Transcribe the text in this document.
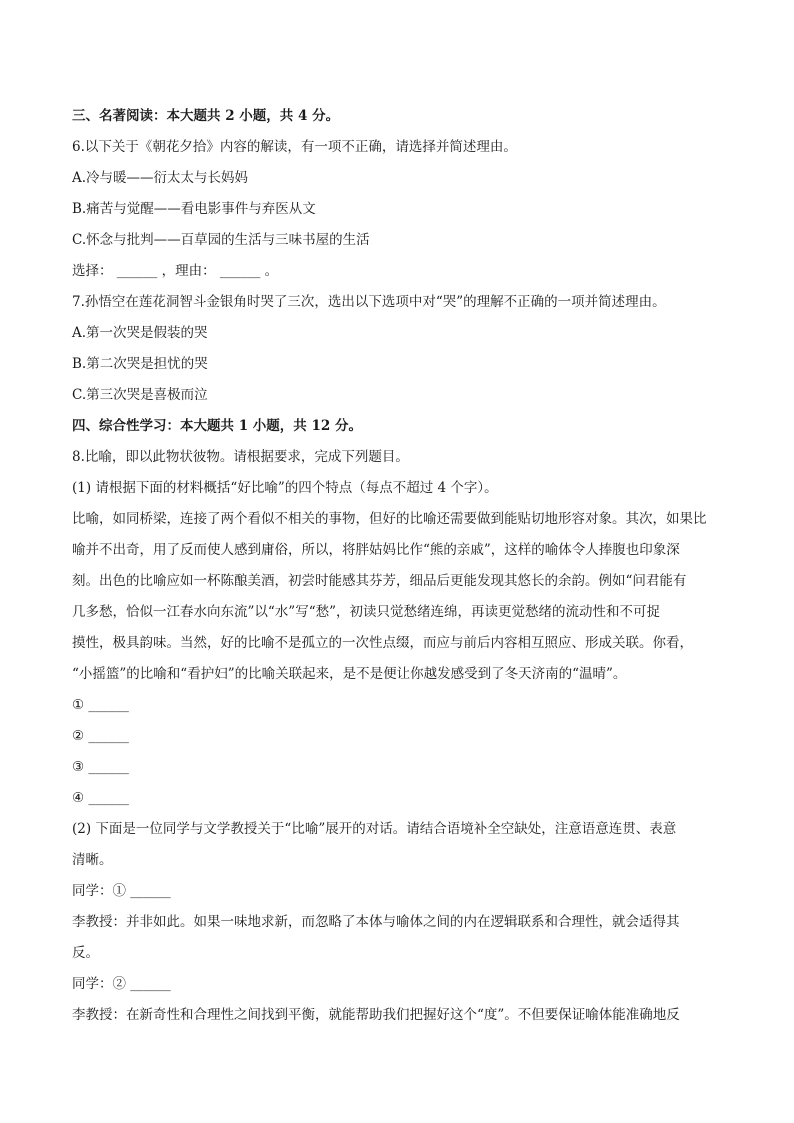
三、名著阅读：本大题共 2 小题，共 4 分。
6.以下关于《朝花夕拾》内容的解读，有一项不正确，请选择并简述理由。
A.冷与暖——衍太太与长妈妈
B.痛苦与觉醒——看电影事件与弃医从文
C.怀念与批判——百草园的生活与三味书屋的生活
选择： ______ ，理由： ______ 。
7.孙悟空在莲花洞智斗金银角时哭了三次，选出以下选项中对“哭”的理解不正确的一项并简述理由。
A.第一次哭是假装的哭
B.第二次哭是担忧的哭
C.第三次哭是喜极而泣
四、综合性学习：本大题共 1 小题，共 12 分。
8.比喻，即以此物状彼物。请根据要求，完成下列题目。
(1) 请根据下面的材料概括“好比喻”的四个特点（每点不超过 4 个字）。
比喻，如同桥梁，连接了两个看似不相关的事物，但好的比喻还需要做到能贴切地形容对象。其次，如果比
喻并不出奇，用了反而使人感到庸俗，所以，将胖姑妈比作“熊的亲戚”，这样的喻体令人捧腹也印象深
刻。出色的比喻应如一杯陈酿美酒，初尝时能感其芬芳，细品后更能发现其悠长的余韵。例如“问君能有
几多愁，恰似一江春水向东流”以“水”写“愁”，初读只觉愁绪连绵，再读更觉愁绪的流动性和不可捉
摸性，极具韵味。当然，好的比喻不是孤立的一次性点缀，而应与前后内容相互照应、形成关联。你看，
“小摇篮”的比喻和“看护妇”的比喻关联起来，是不是便让你越发感受到了冬天济南的“温晴”。
① ______
② ______
③ ______
④ ______
(2) 下面是一位同学与文学教授关于“比喻”展开的对话。请结合语境补全空缺处，注意语意连贯、表意
清晰。
同学：① ______
李教授：并非如此。如果一味地求新，而忽略了本体与喻体之间的内在逻辑联系和合理性，就会适得其
反。
同学：② ______
李教授：在新奇性和合理性之间找到平衡，就能帮助我们把握好这个“度”。不但要保证喻体能准确地反
